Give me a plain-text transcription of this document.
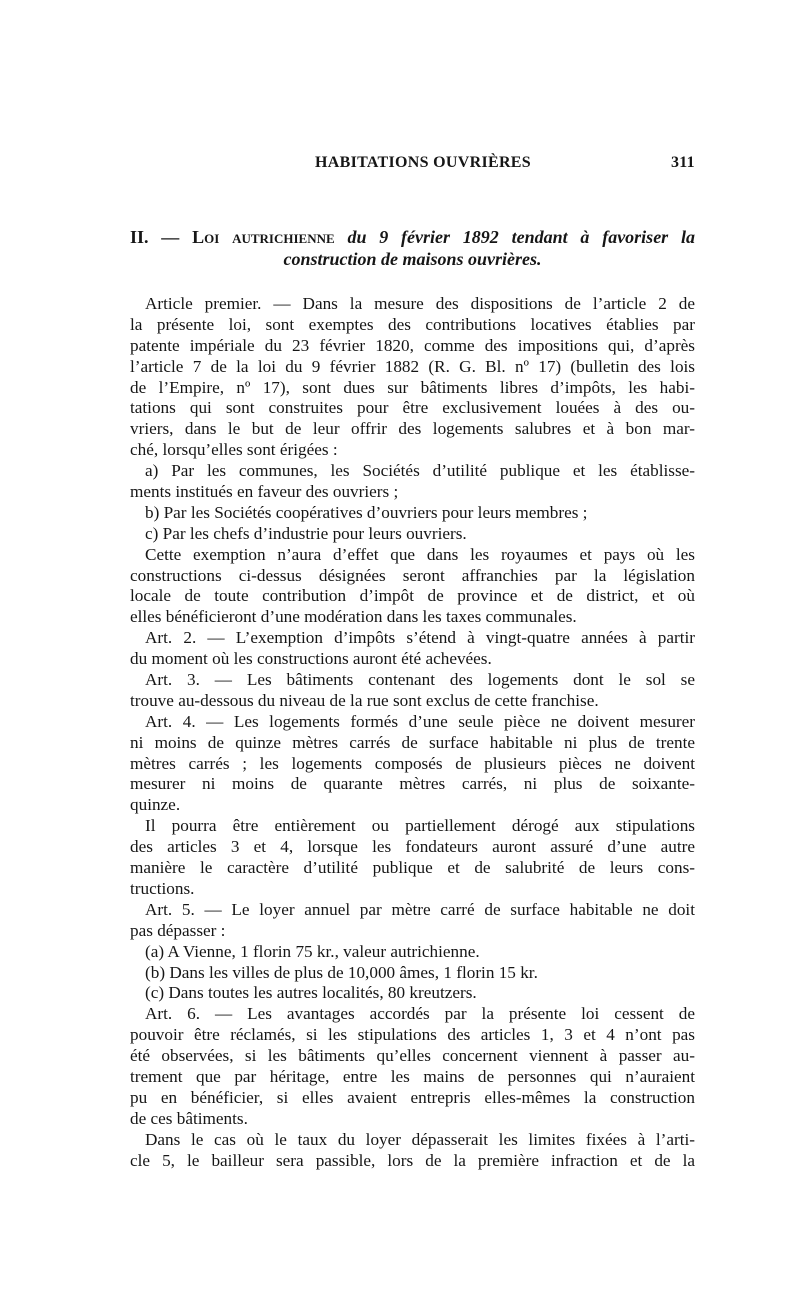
HABITATIONS OUVRIÈRES	311
II. — Loi autrichienne du 9 février 1892 tendant à favoriser la
construction de maisons ouvrières.
Article premier. — Dans la mesure des dispositions de l’article 2 de
la présente loi, sont exemptes des contributions locatives établies par
patente impériale du 23 février 1820, comme des impositions qui, d’après
l’article 7 de la loi du 9 février 1882 (R. G. Bl. nº 17) (bulletin des lois
de l’Empire, nº 17), sont dues sur bâtiments libres d’impôts, les habi-
tations qui sont construites pour être exclusivement louées à des ou-
vriers, dans le but de leur offrir des logements salubres et à bon mar-
ché, lorsqu’elles sont érigées :
a) Par les communes, les Sociétés d’utilité publique et les établisse-
ments institués en faveur des ouvriers ;
b) Par les Sociétés coopératives d’ouvriers pour leurs membres ;
c) Par les chefs d’industrie pour leurs ouvriers.
Cette exemption n’aura d’effet que dans les royaumes et pays où les
constructions ci-dessus désignées seront affranchies par la législation
locale de toute contribution d’impôt de province et de district, et où
elles bénéficieront d’une modération dans les taxes communales.
Art. 2. — L’exemption d’impôts s’étend à vingt-quatre années à partir
du moment où les constructions auront été achevées.
Art. 3. — Les bâtiments contenant des logements dont le sol se
trouve au-dessous du niveau de la rue sont exclus de cette franchise.
Art. 4. — Les logements formés d’une seule pièce ne doivent mesurer
ni moins de quinze mètres carrés de surface habitable ni plus de trente
mètres carrés ; les logements composés de plusieurs pièces ne doivent
mesurer ni moins de quarante mètres carrés, ni plus de soixante-
quinze.
Il pourra être entièrement ou partiellement dérogé aux stipulations
des articles 3 et 4, lorsque les fondateurs auront assuré d’une autre
manière le caractère d’utilité publique et de salubrité de leurs cons-
tructions.
Art. 5. — Le loyer annuel par mètre carré de surface habitable ne doit
pas dépasser :
(a) A Vienne, 1 florin 75 kr., valeur autrichienne.
(b) Dans les villes de plus de 10,000 âmes, 1 florin 15 kr.
(c) Dans toutes les autres localités, 80 kreutzers.
Art. 6. — Les avantages accordés par la présente loi cessent de
pouvoir être réclamés, si les stipulations des articles 1, 3 et 4 n’ont pas
été observées, si les bâtiments qu’elles concernent viennent à passer au-
trement que par héritage, entre les mains de personnes qui n’auraient
pu en bénéficier, si elles avaient entrepris elles-mêmes la construction
de ces bâtiments.
Dans le cas où le taux du loyer dépasserait les limites fixées à l’arti-
cle 5, le bailleur sera passible, lors de la première infraction et de la
